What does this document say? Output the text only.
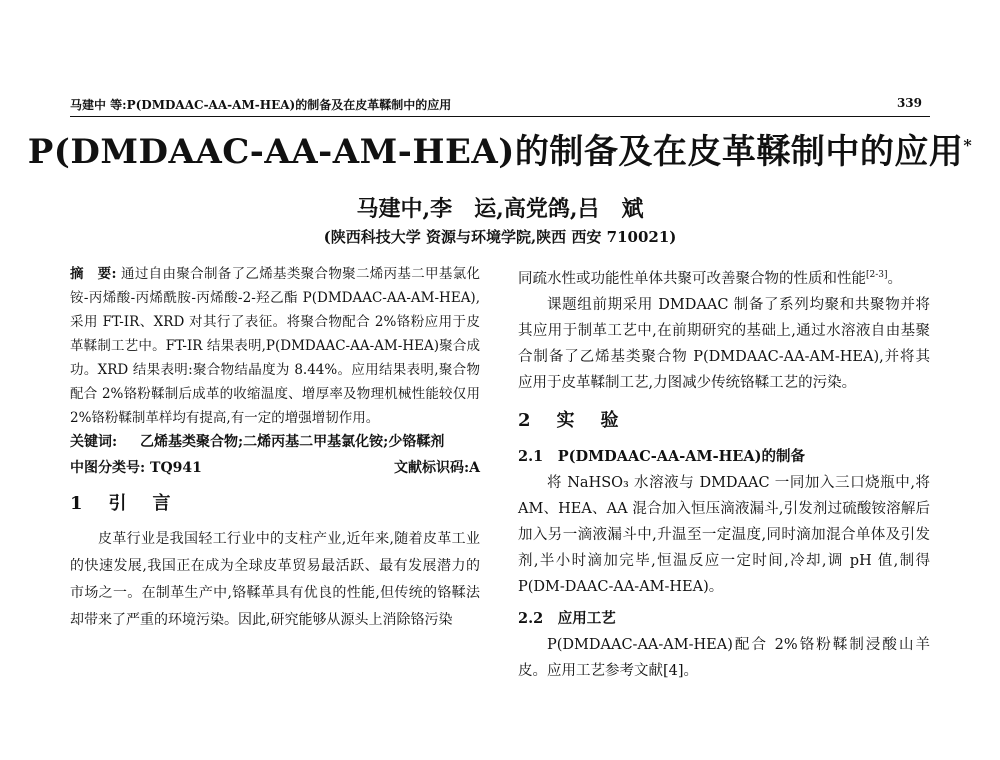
马建中 等:P(DMDAAC-AA-AM-HEA)的制备及在皮革鞣制中的应用	339
P(DMDAAC-AA-AM-HEA)的制备及在皮革鞣制中的应用*
马建中,李　运,高党鸽,吕　斌
(陕西科技大学 资源与环境学院,陕西 西安 710021)
摘　要: 通过自由聚合制备了乙烯基类聚合物聚二烯丙基二甲基氯化铵-丙烯酸-丙烯酰胺-丙烯酸-2-羟乙酯 P(DMDAAC-AA-AM-HEA),采用 FT-IR、XRD 对其行了表征。将聚合物配合 2%铬粉应用于皮革鞣制工艺中。FT-IR 结果表明,P(DMDAAC-AA-AM-HEA)聚合成功。XRD 结果表明:聚合物结晶度为 8.44%。应用结果表明,聚合物配合 2%铬粉鞣制后成革的收缩温度、增厚率及物理机械性能较仅用 2%铬粉鞣制革样均有提高,有一定的增强增韧作用。
关键词:	乙烯基类聚合物;二烯丙基二甲基氯化铵;少铬鞣剂
中图分类号: TQ941	文献标识码:A
1　引　言
皮革行业是我国轻工行业中的支柱产业,近年来,随着皮革工业的快速发展,我国正在成为全球皮革贸易最活跃、最有发展潜力的市场之一。在制革生产中,铬鞣革具有优良的性能,但传统的铬鞣法却带来了严重的环境污染。因此,研究能够从源头上消除铬污染
同疏水性或功能性单体共聚可改善聚合物的性质和性能[2-3]。
课题组前期采用 DMDAAC 制备了系列均聚和共聚物并将其应用于制革工艺中,在前期研究的基础上,通过水溶液自由基聚合制备了乙烯基类聚合物 P(DMDAAC-AA-AM-HEA),并将其应用于皮革鞣制工艺,力图减少传统铬鞣工艺的污染。
2　实　验
2.1　P(DMDAAC-AA-AM-HEA)的制备
将 NaHSO₃ 水溶液与 DMDAAC 一同加入三口烧瓶中,将 AM、HEA、AA 混合加入恒压滴液漏斗,引发剂过硫酸铵溶解后加入另一滴液漏斗中,升温至一定温度,同时滴加混合单体及引发剂,半小时滴加完毕,恒温反应一定时间,冷却,调 pH 值,制得 P(DM-DAAC-AA-AM-HEA)。
2.2　应用工艺
P(DMDAAC-AA-AM-HEA)配合 2%铬粉鞣制浸酸山羊皮。应用工艺参考文献[4]。
